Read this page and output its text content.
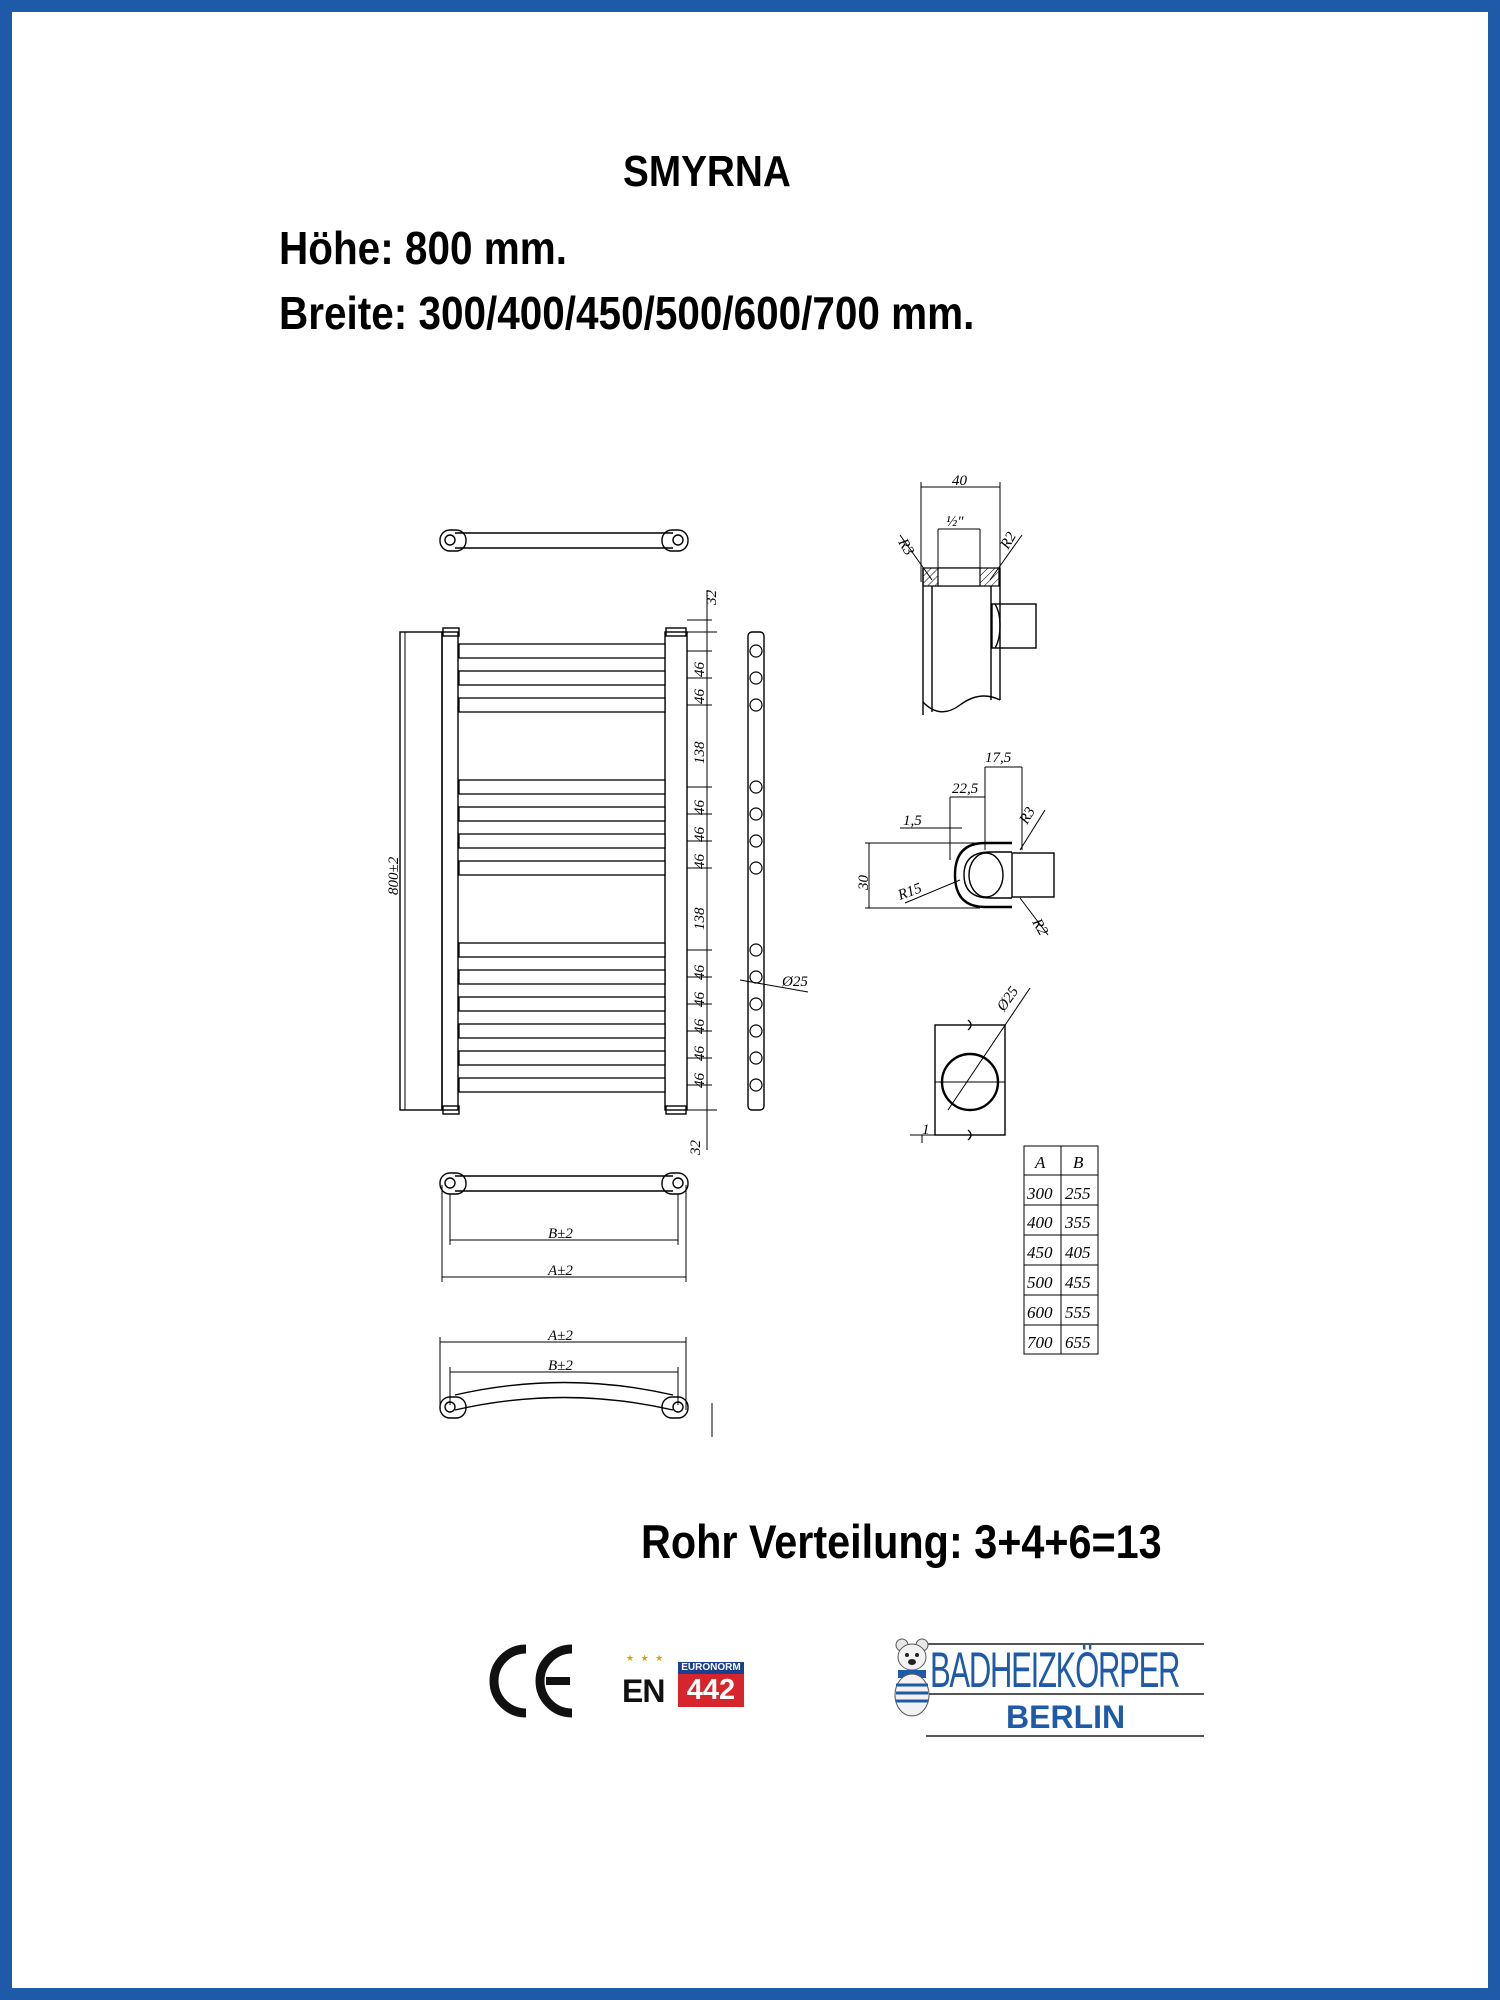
SMYRNA
Höhe: 800 mm.
Breite: 300/400/450/500/600/700 mm.
800±2
32
46
46
138
46
46
46
138
46
46
46
46
46
32
Ø25
B±2
A±2
A±2
B±2
40
½"
R3	R2
17,5
22,5
1,5
30 R15
R3
R2
Ø25
1
A B
300 255
400 355
450 405
500 455
600 555
700 655
Rohr Verteilung: 3+4+6=13
★ ★ ★
EN
EURONORM
442	BADHEIZKÖRPER
BERLIN
